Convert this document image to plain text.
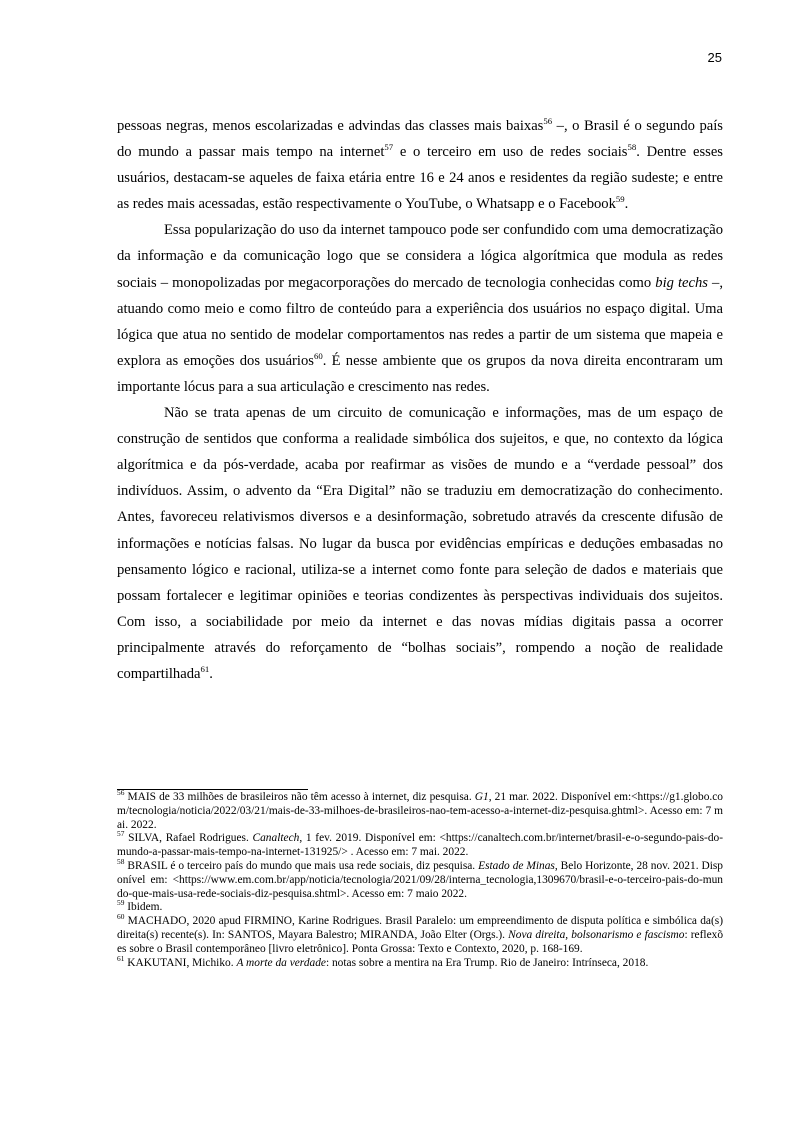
25

pessoas negras, menos escolarizadas e advindas das classes mais baixas$^{56}$ –, o Brasil é o segundo país do mundo a passar mais tempo na internet$^{57}$ e o terceiro em uso de redes sociais$^{58}$. Dentre esses usuários, destacam-se aqueles de faixa etária entre 16 e 24 anos e residentes da região sudeste; e entre as redes mais acessadas, estão respectivamente o YouTube, o Whatsapp e o Facebook$^{59}$.

Essa popularização do uso da internet tampouco pode ser confundido com uma democratização da informação e da comunicação logo que se considera a lógica algorítmica que modula as redes sociais – monopolizadas por megacorporações do mercado de tecnologia conhecidas como big techs –, atuando como meio e como filtro de conteúdo para a experiência dos usuários no espaço digital. Uma lógica que atua no sentido de modelar comportamentos nas redes a partir de um sistema que mapeia e explora as emoções dos usuários$^{60}$. É nesse ambiente que os grupos da nova direita encontraram um importante lócus para a sua articulação e crescimento nas redes.

Não se trata apenas de um circuito de comunicação e informações, mas de um espaço de construção de sentidos que conforma a realidade simbólica dos sujeitos, e que, no contexto da lógica algorítmica e da pós-verdade, acaba por reafirmar as visões de mundo e a “verdade pessoal” dos indivíduos. Assim, o advento da “Era Digital” não se traduziu em democratização do conhecimento. Antes, favoreceu relativismos diversos e a desinformação, sobretudo através da crescente difusão de informações e notícias falsas. No lugar da busca por evidências empíricas e deduções embasadas no pensamento lógico e racional, utiliza-se a internet como fonte para seleção de dados e materiais que possam fortalecer e legitimar opiniões e teorias condizentes às perspectivas individuais dos sujeitos. Com isso, a sociabilidade por meio da internet e das novas mídias digitais passa a ocorrer principalmente através do reforçamento de “bolhas sociais”, rompendo a noção de realidade compartilhada$^{61}$.

$^{56}$ MAIS de 33 milhões de brasileiros não têm acesso à internet, diz pesquisa. G1, 21 mar. 2022. Disponível em:<https://g1.globo.com/tecnologia/noticia/2022/03/21/mais-de-33-milhoes-de-brasileiros-nao-tem-acesso-a-internet-diz-pesquisa.ghtml>. Acesso em: 7 mai. 2022.

$^{57}$ SILVA, Rafael Rodrigues. Canaltech, 1 fev. 2019. Disponível em: <https://canaltech.com.br/internet/brasil-e-o-segundo-pais-do-mundo-a-passar-mais-tempo-na-internet-131925/> . Acesso em: 7 mai. 2022.

$^{58}$ BRASIL é o terceiro país do mundo que mais usa rede sociais, diz pesquisa. Estado de Minas, Belo Horizonte, 28 nov. 2021. Disponível em: <https://www.em.com.br/app/noticia/tecnologia/2021/09/28/interna_tecnologia,1309670/brasil-e-o-terceiro-pais-do-mundo-que-mais-usa-rede-sociais-diz-pesquisa.shtml>. Acesso em: 7 maio 2022.

$^{59}$ Ibidem.

$^{60}$ MACHADO, 2020 apud FIRMINO, Karine Rodrigues. Brasil Paralelo: um empreendimento de disputa política e simbólica da(s) direita(s) recente(s). In: SANTOS, Mayara Balestro; MIRANDA, João Elter (Orgs.). Nova direita, bolsonarismo e fascismo: reflexões sobre o Brasil contemporâneo [livro eletrônico]. Ponta Grossa: Texto e Contexto, 2020, p. 168-169.

$^{61}$ KAKUTANI, Michiko. A morte da verdade: notas sobre a mentira na Era Trump. Rio de Janeiro: Intrínseca, 2018.
